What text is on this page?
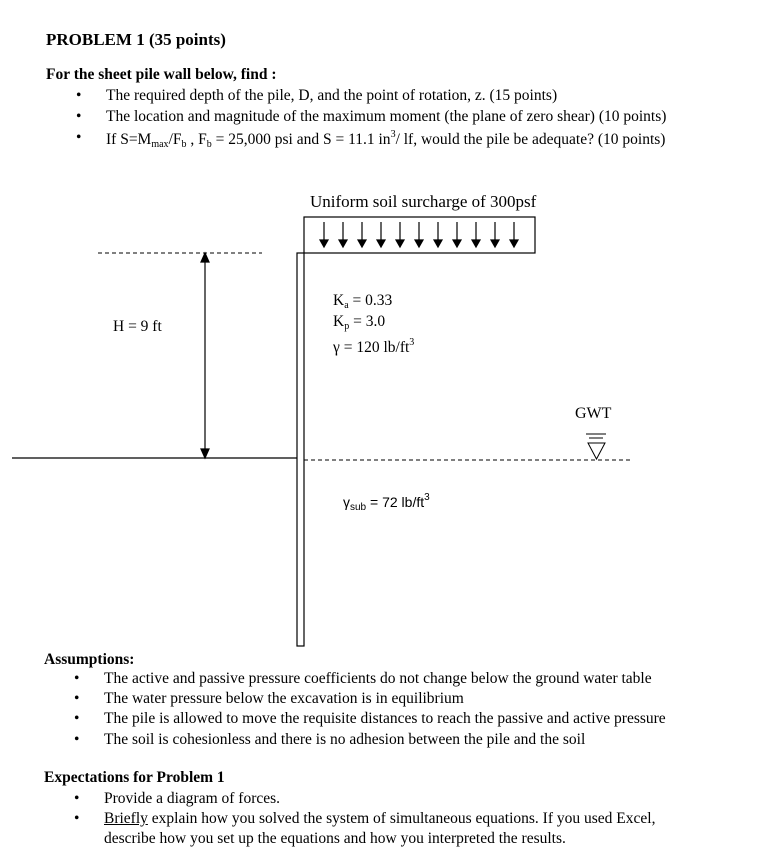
PROBLEM 1 (35 points)
For the sheet pile wall below, find :
• The required depth of the pile, D, and the point of rotation, z. (15 points)
• The location and magnitude of the maximum moment (the plane of zero shear) (10 points)
• If $S=M_{max}/F_b$ , $F_b = 25,000$ psi and S = 11.1 $in^3/$ lf, would the pile be adequate? (10 points)
Uniform soil surcharge of 300psf
H = 9 ft
$K_a = 0.33$
$K_p = 3.0$
γ = 120 $lb/ft^3$
GWT
$\gamma_{sub} = 72$ $lb/ft^3$
Assumptions:
• The active and passive pressure coefficients do not change below the ground water table
• The water pressure below the excavation is in equilibrium
• The pile is allowed to move the requisite distances to reach the passive and active pressure
• The soil is cohesionless and there is no adhesion between the pile and the soil
Expectations for Problem 1
• Provide a diagram of forces.
• Briefly explain how you solved the system of simultaneous equations. If you used Excel,
describe how you set up the equations and how you interpreted the results.
